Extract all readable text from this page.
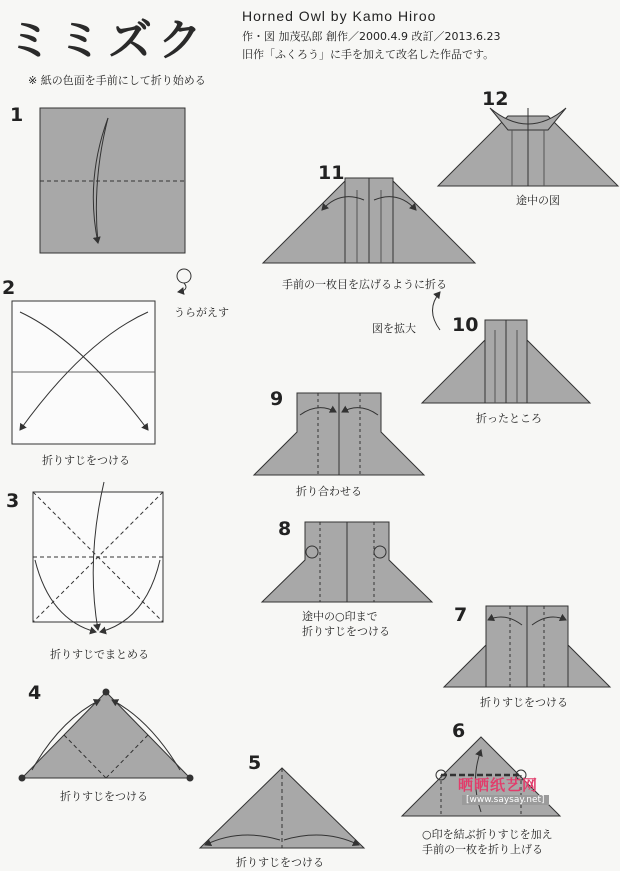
ミミズク Horned Owl by Kamo Hiroo
作・図 加茂弘郎 創作／2000.4.9 改訂／2013.6.23
旧作「ふくろう」に手を加えて改名した作品です。
※ 紙の色面を手前にして折り始める
1
2
3
4
5
6
7
8
9
10
11
12
うらがえす
折りすじをつける
折りすじでまとめる
折りすじをつける
折りすじをつける
○印を結ぶ折りすじを加え
手前の一枚を折り上げる
折りすじをつける
途中の○印まで
折りすじをつける
折り合わせる
折ったところ
図を拡大
手前の一枚目を広げるように折る
途中の図
晒晒纸艺网
[www.saysay.net]
